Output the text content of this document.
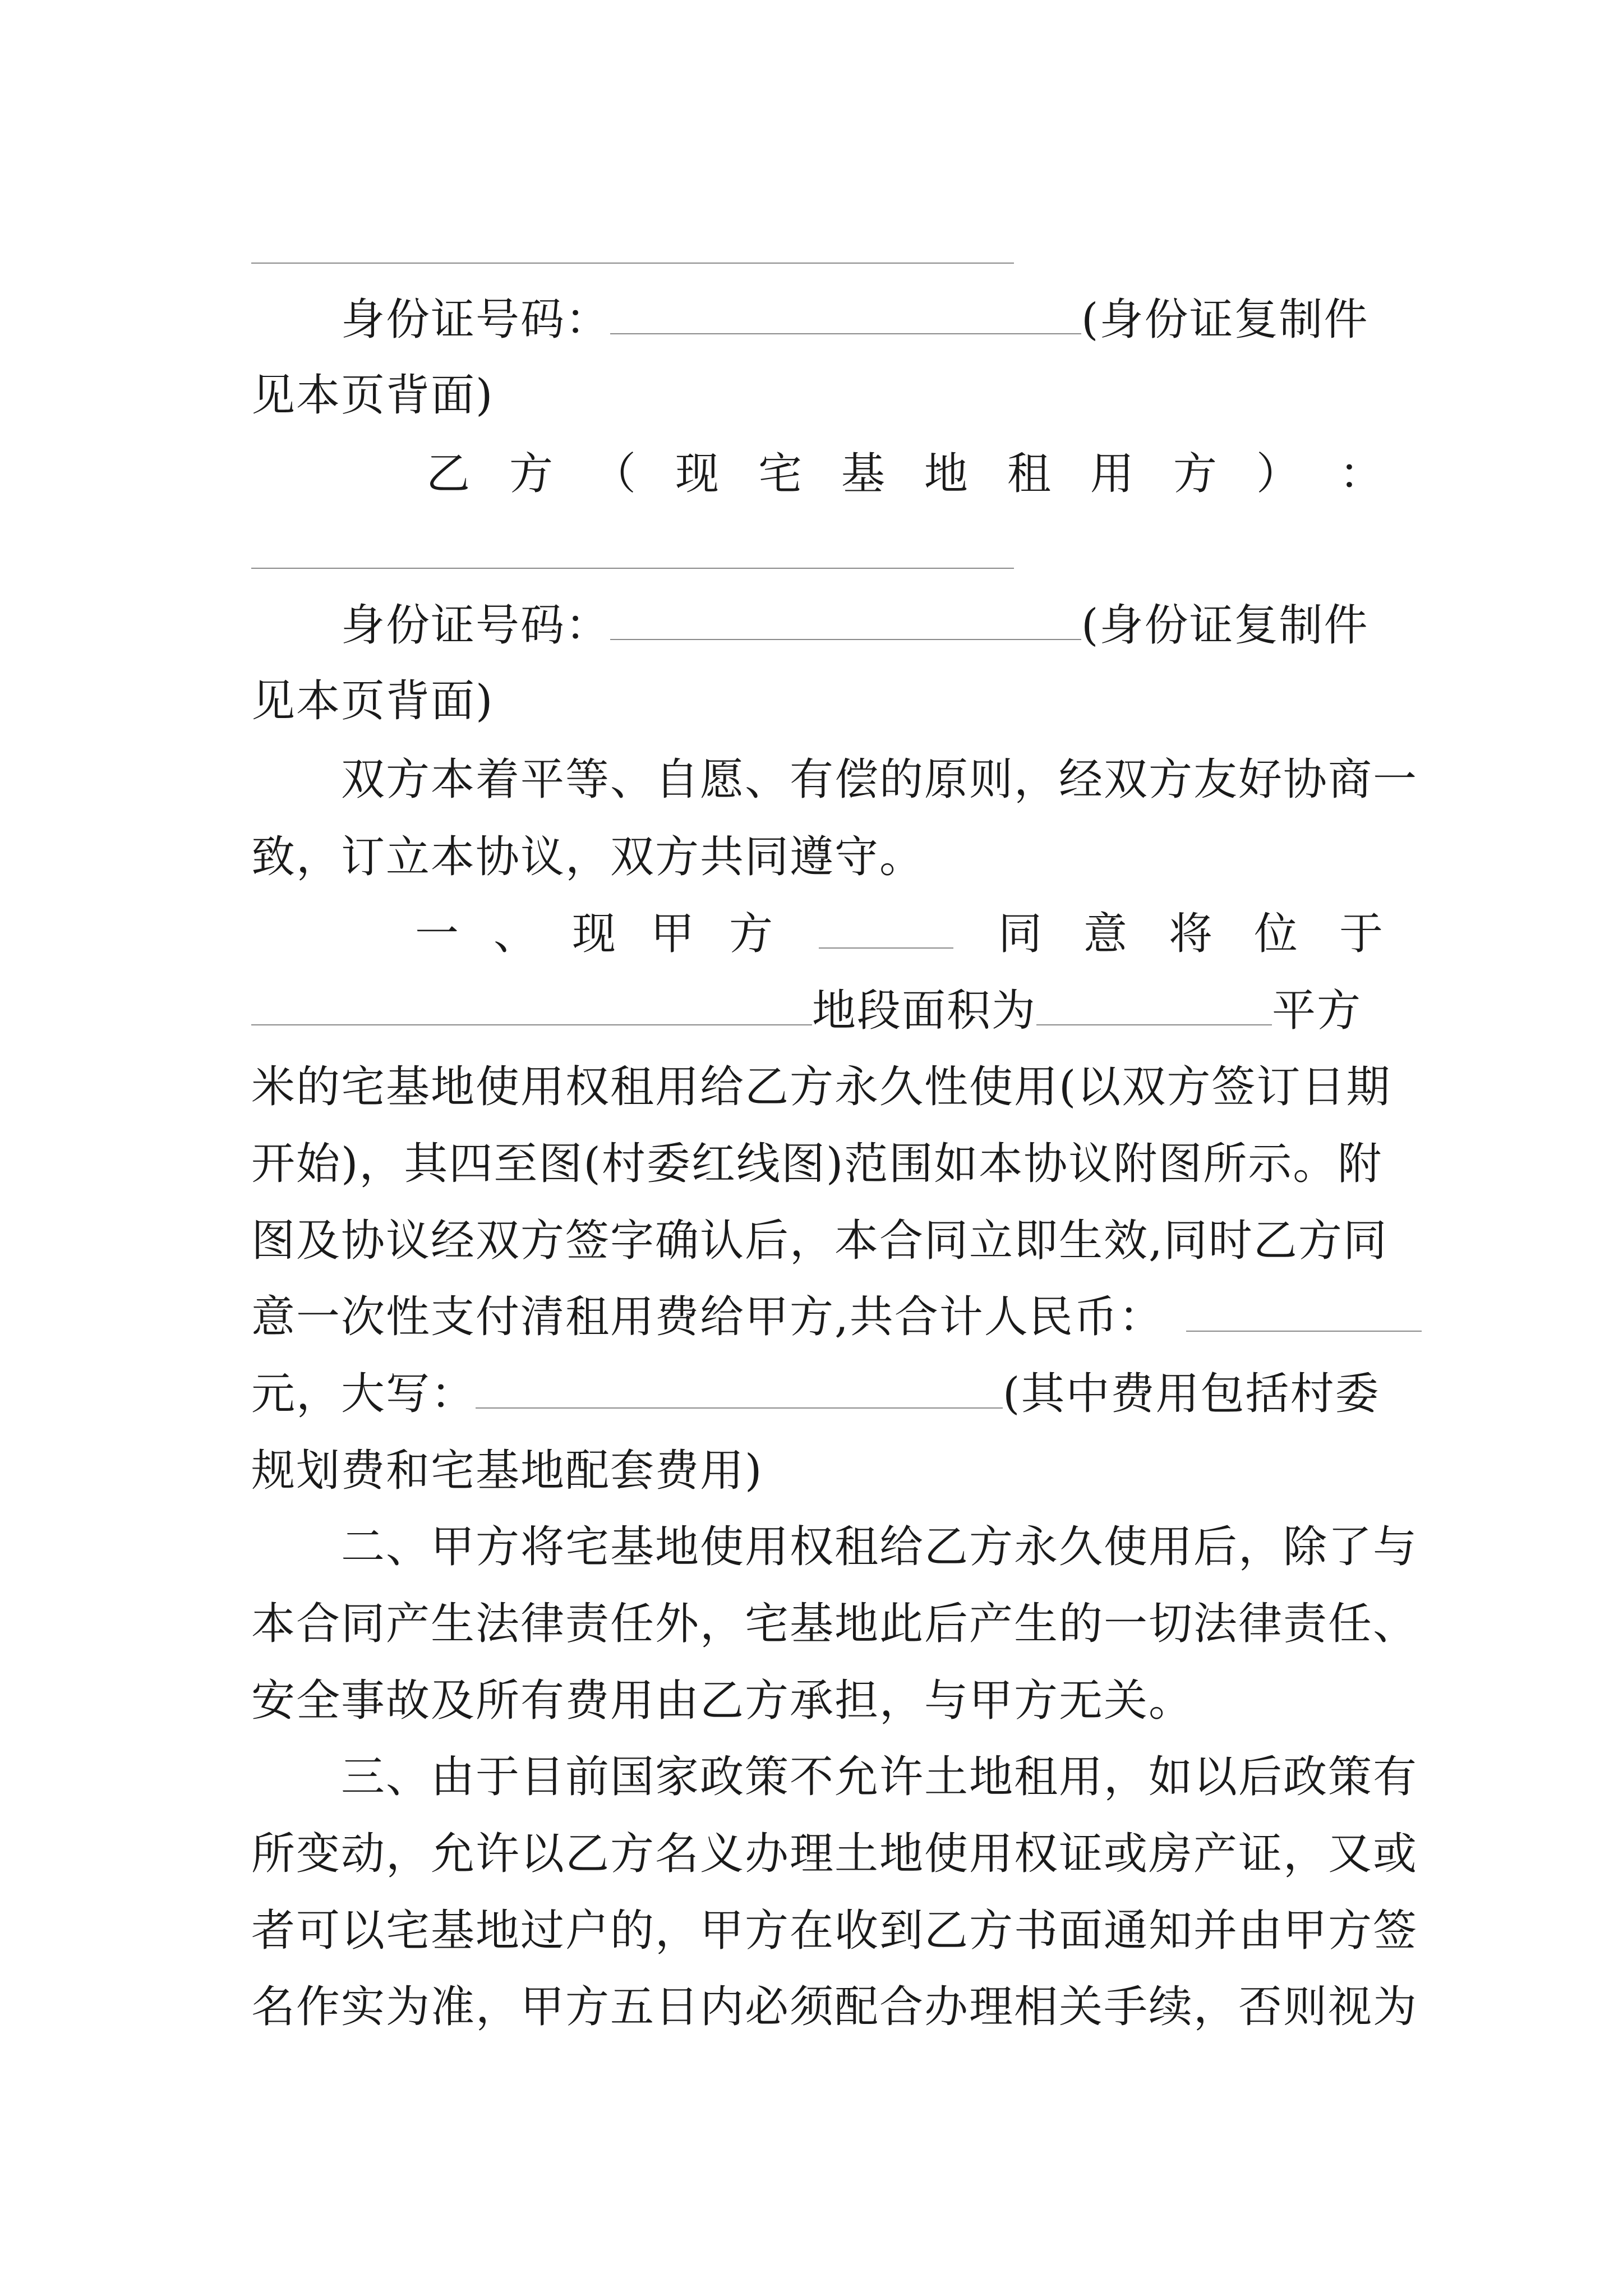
身份证号码：	(身份证复制件
见本页背面)
乙 方 （ 现 宅 基 地 租 用 方 ） ：
身份证号码：	(身份证复制件
见本页背面)
双方本着平等、自愿、有偿的原则，经双方友好协商一
致，订立本协议，双方共同遵守。
一 、 现 甲 方	同 意 将 位 于
地段面积为	平方
米的宅基地使用权租用给乙方永久性使用(以双方签订日期
开始)，其四至图(村委红线图)范围如本协议附图所示。附
图及协议经双方签字确认后，本合同立即生效,同时乙方同
意一次性支付清租用费给甲方,共合计人民币：
元，大写：	(其中费用包括村委
规划费和宅基地配套费用)
二、甲方将宅基地使用权租给乙方永久使用后，除了与
本合同产生法律责任外，宅基地此后产生的一切法律责任、
安全事故及所有费用由乙方承担，与甲方无关。
三、由于目前国家政策不允许土地租用，如以后政策有
所变动，允许以乙方名义办理土地使用权证或房产证，又或
者可以宅基地过户的，甲方在收到乙方书面通知并由甲方签
名作实为准，甲方五日内必须配合办理相关手续，否则视为
